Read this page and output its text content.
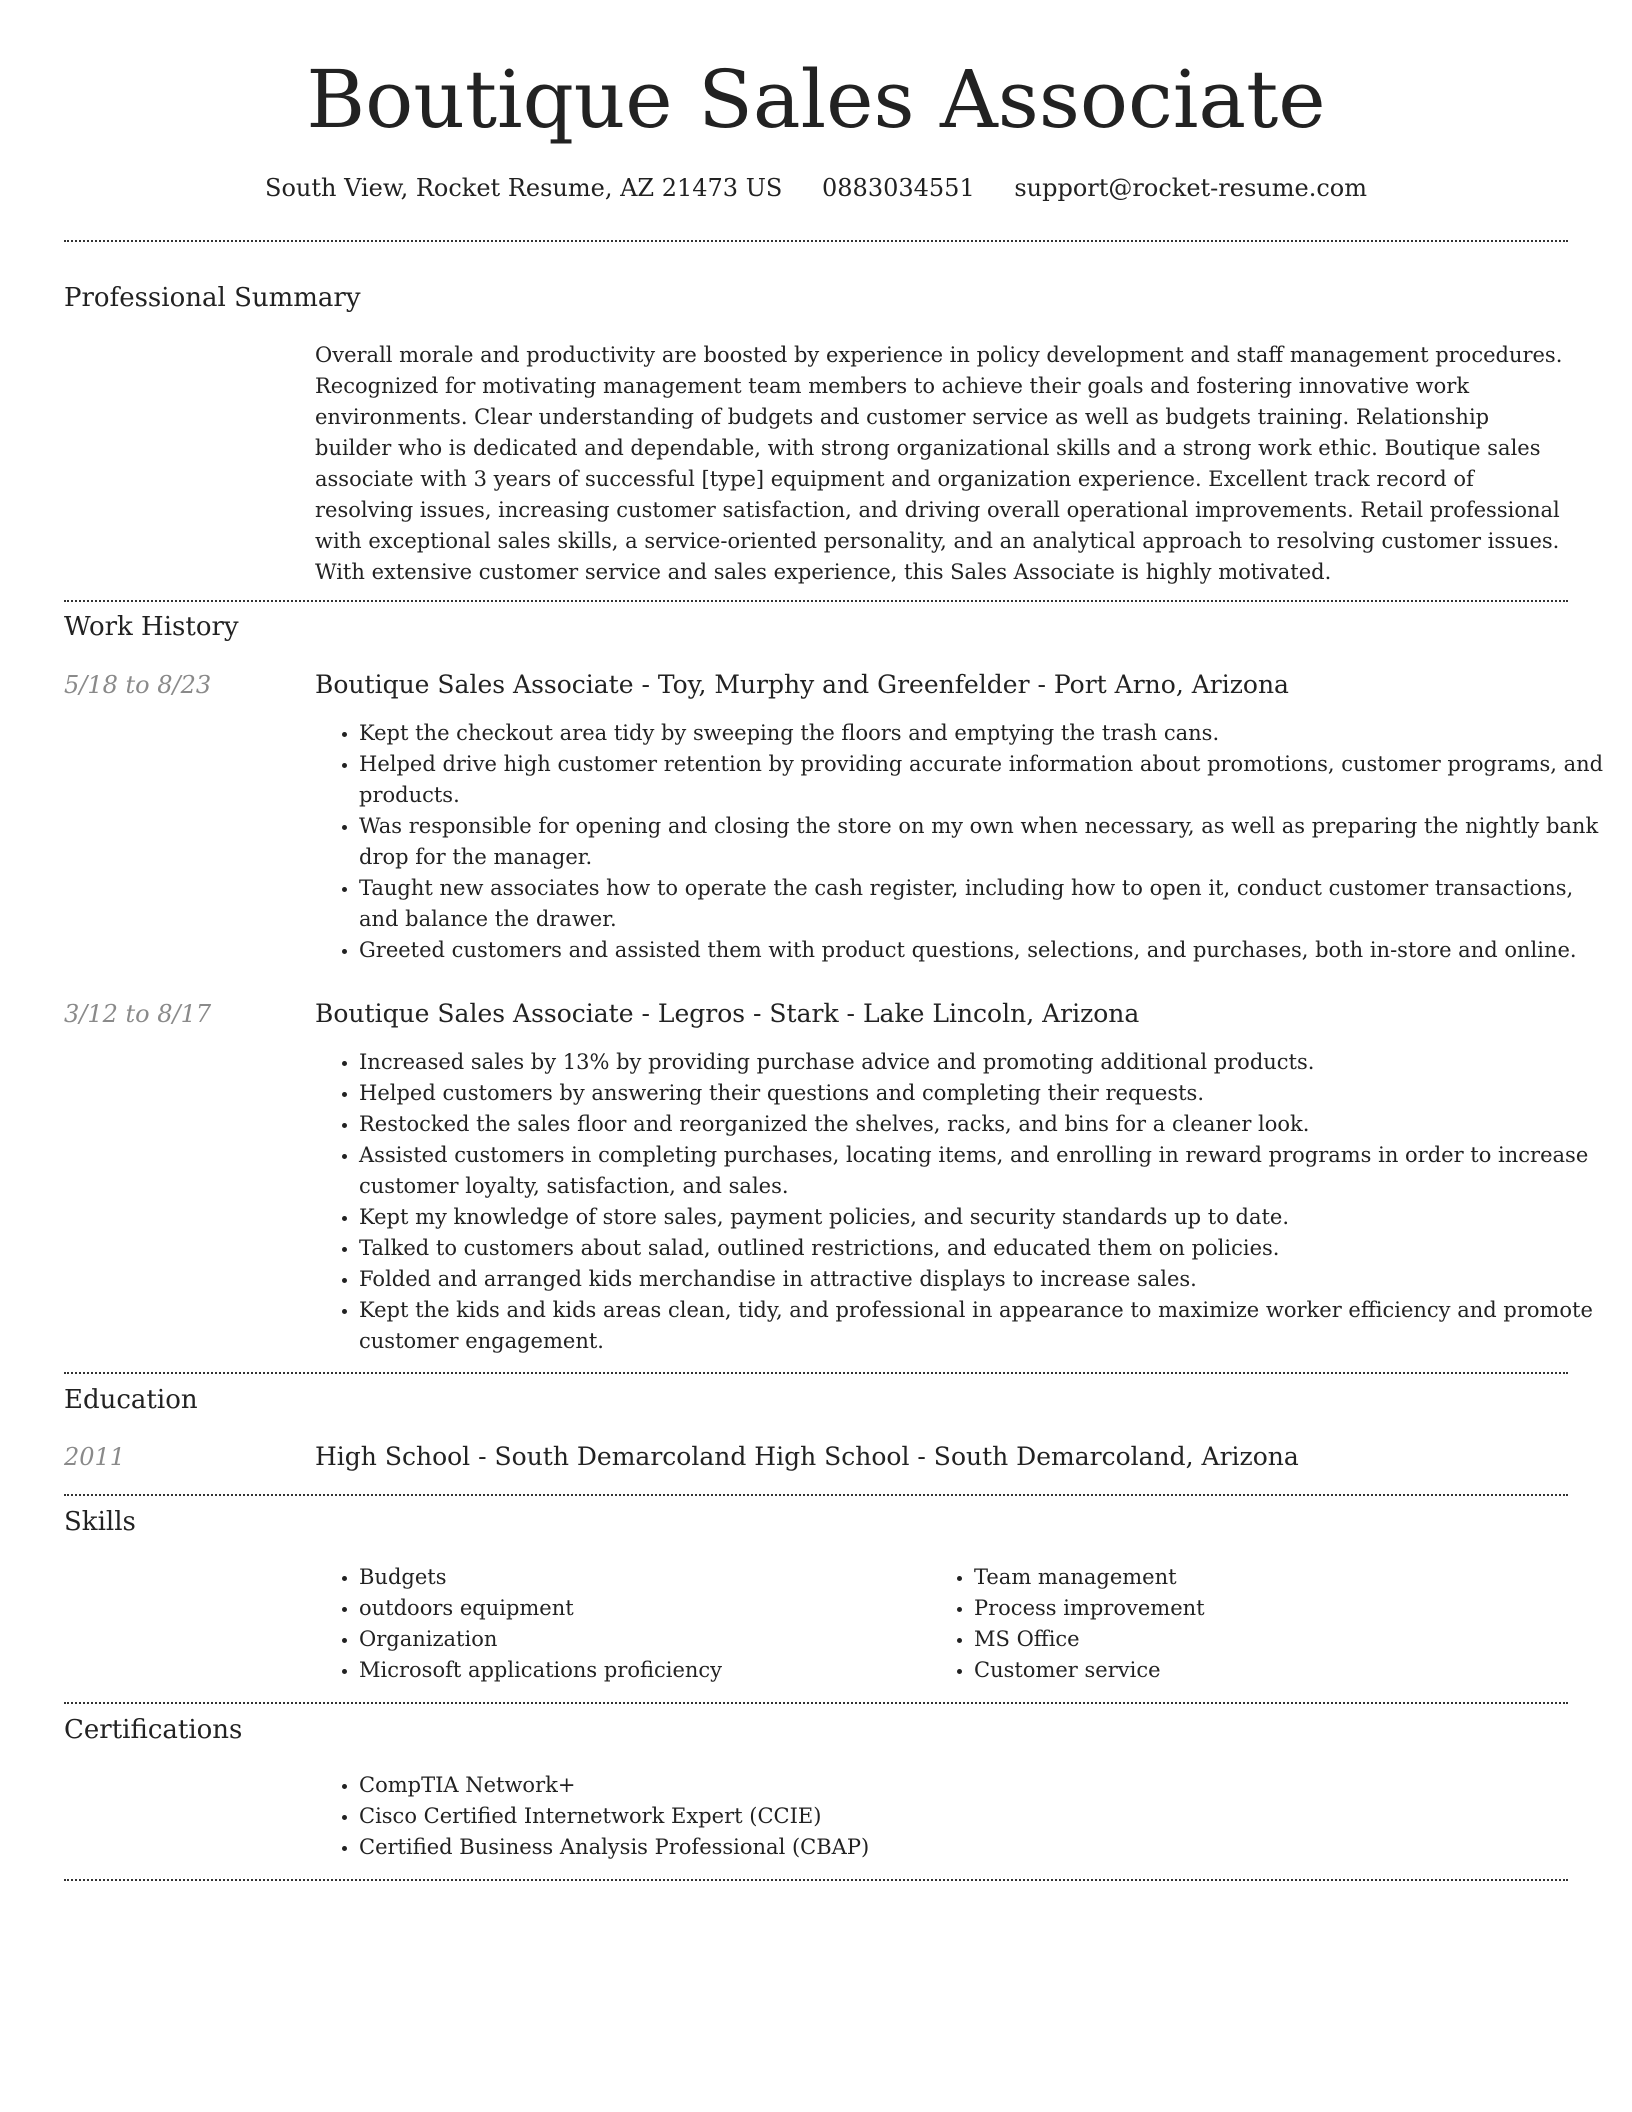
Boutique Sales Associate
South View, Rocket Resume, AZ 21473 US 0883034551 support@rocket-resume.com
Professional Summary

Overall morale and productivity are boosted by experience in policy development and staff management procedures. Recognized for motivating management team members to achieve their goals and fostering innovative work environments. Clear understanding of budgets and customer service as well as budgets training. Relationship builder who is dedicated and dependable, with strong organizational skills and a strong work ethic. Boutique sales associate with 3 years of successful [type] equipment and organization experience. Excellent track record of resolving issues, increasing customer satisfaction, and driving overall operational improvements. Retail professional with exceptional sales skills, a service-oriented personality, and an analytical approach to resolving customer issues. With extensive customer service and sales experience, this Sales Associate is highly motivated.

Work History
5/18 to 8/23	Boutique Sales Associate - Toy, Murphy and Greenfelder - Port Arno, Arizona
• Kept the checkout area tidy by sweeping the floors and emptying the trash cans.
• Helped drive high customer retention by providing accurate information about promotions, customer programs, and products.
• Was responsible for opening and closing the store on my own when necessary, as well as preparing the nightly bank drop for the manager.
• Taught new associates how to operate the cash register, including how to open it, conduct customer transactions, and balance the drawer.
• Greeted customers and assisted them with product questions, selections, and purchases, both in-store and online.
3/12 to 8/17	Boutique Sales Associate - Legros - Stark - Lake Lincoln, Arizona
• Increased sales by 13% by providing purchase advice and promoting additional products.
• Helped customers by answering their questions and completing their requests.
• Restocked the sales floor and reorganized the shelves, racks, and bins for a cleaner look.
• Assisted customers in completing purchases, locating items, and enrolling in reward programs in order to increase customer loyalty, satisfaction, and sales.
• Kept my knowledge of store sales, payment policies, and security standards up to date.
• Talked to customers about salad, outlined restrictions, and educated them on policies.
• Folded and arranged kids merchandise in attractive displays to increase sales.
• Kept the kids and kids areas clean, tidy, and professional in appearance to maximize worker efficiency and promote customer engagement.
Education
2011	High School - South Demarcoland High School - South Demarcoland, Arizona
Skills
• Budgets
• outdoors equipment
• Organization
• Microsoft applications proficiency
• Team management
• Process improvement
• MS Office
• Customer service
Certifications
• CompTIA Network+
• Cisco Certified Internetwork Expert (CCIE)
• Certified Business Analysis Professional (CBAP)
